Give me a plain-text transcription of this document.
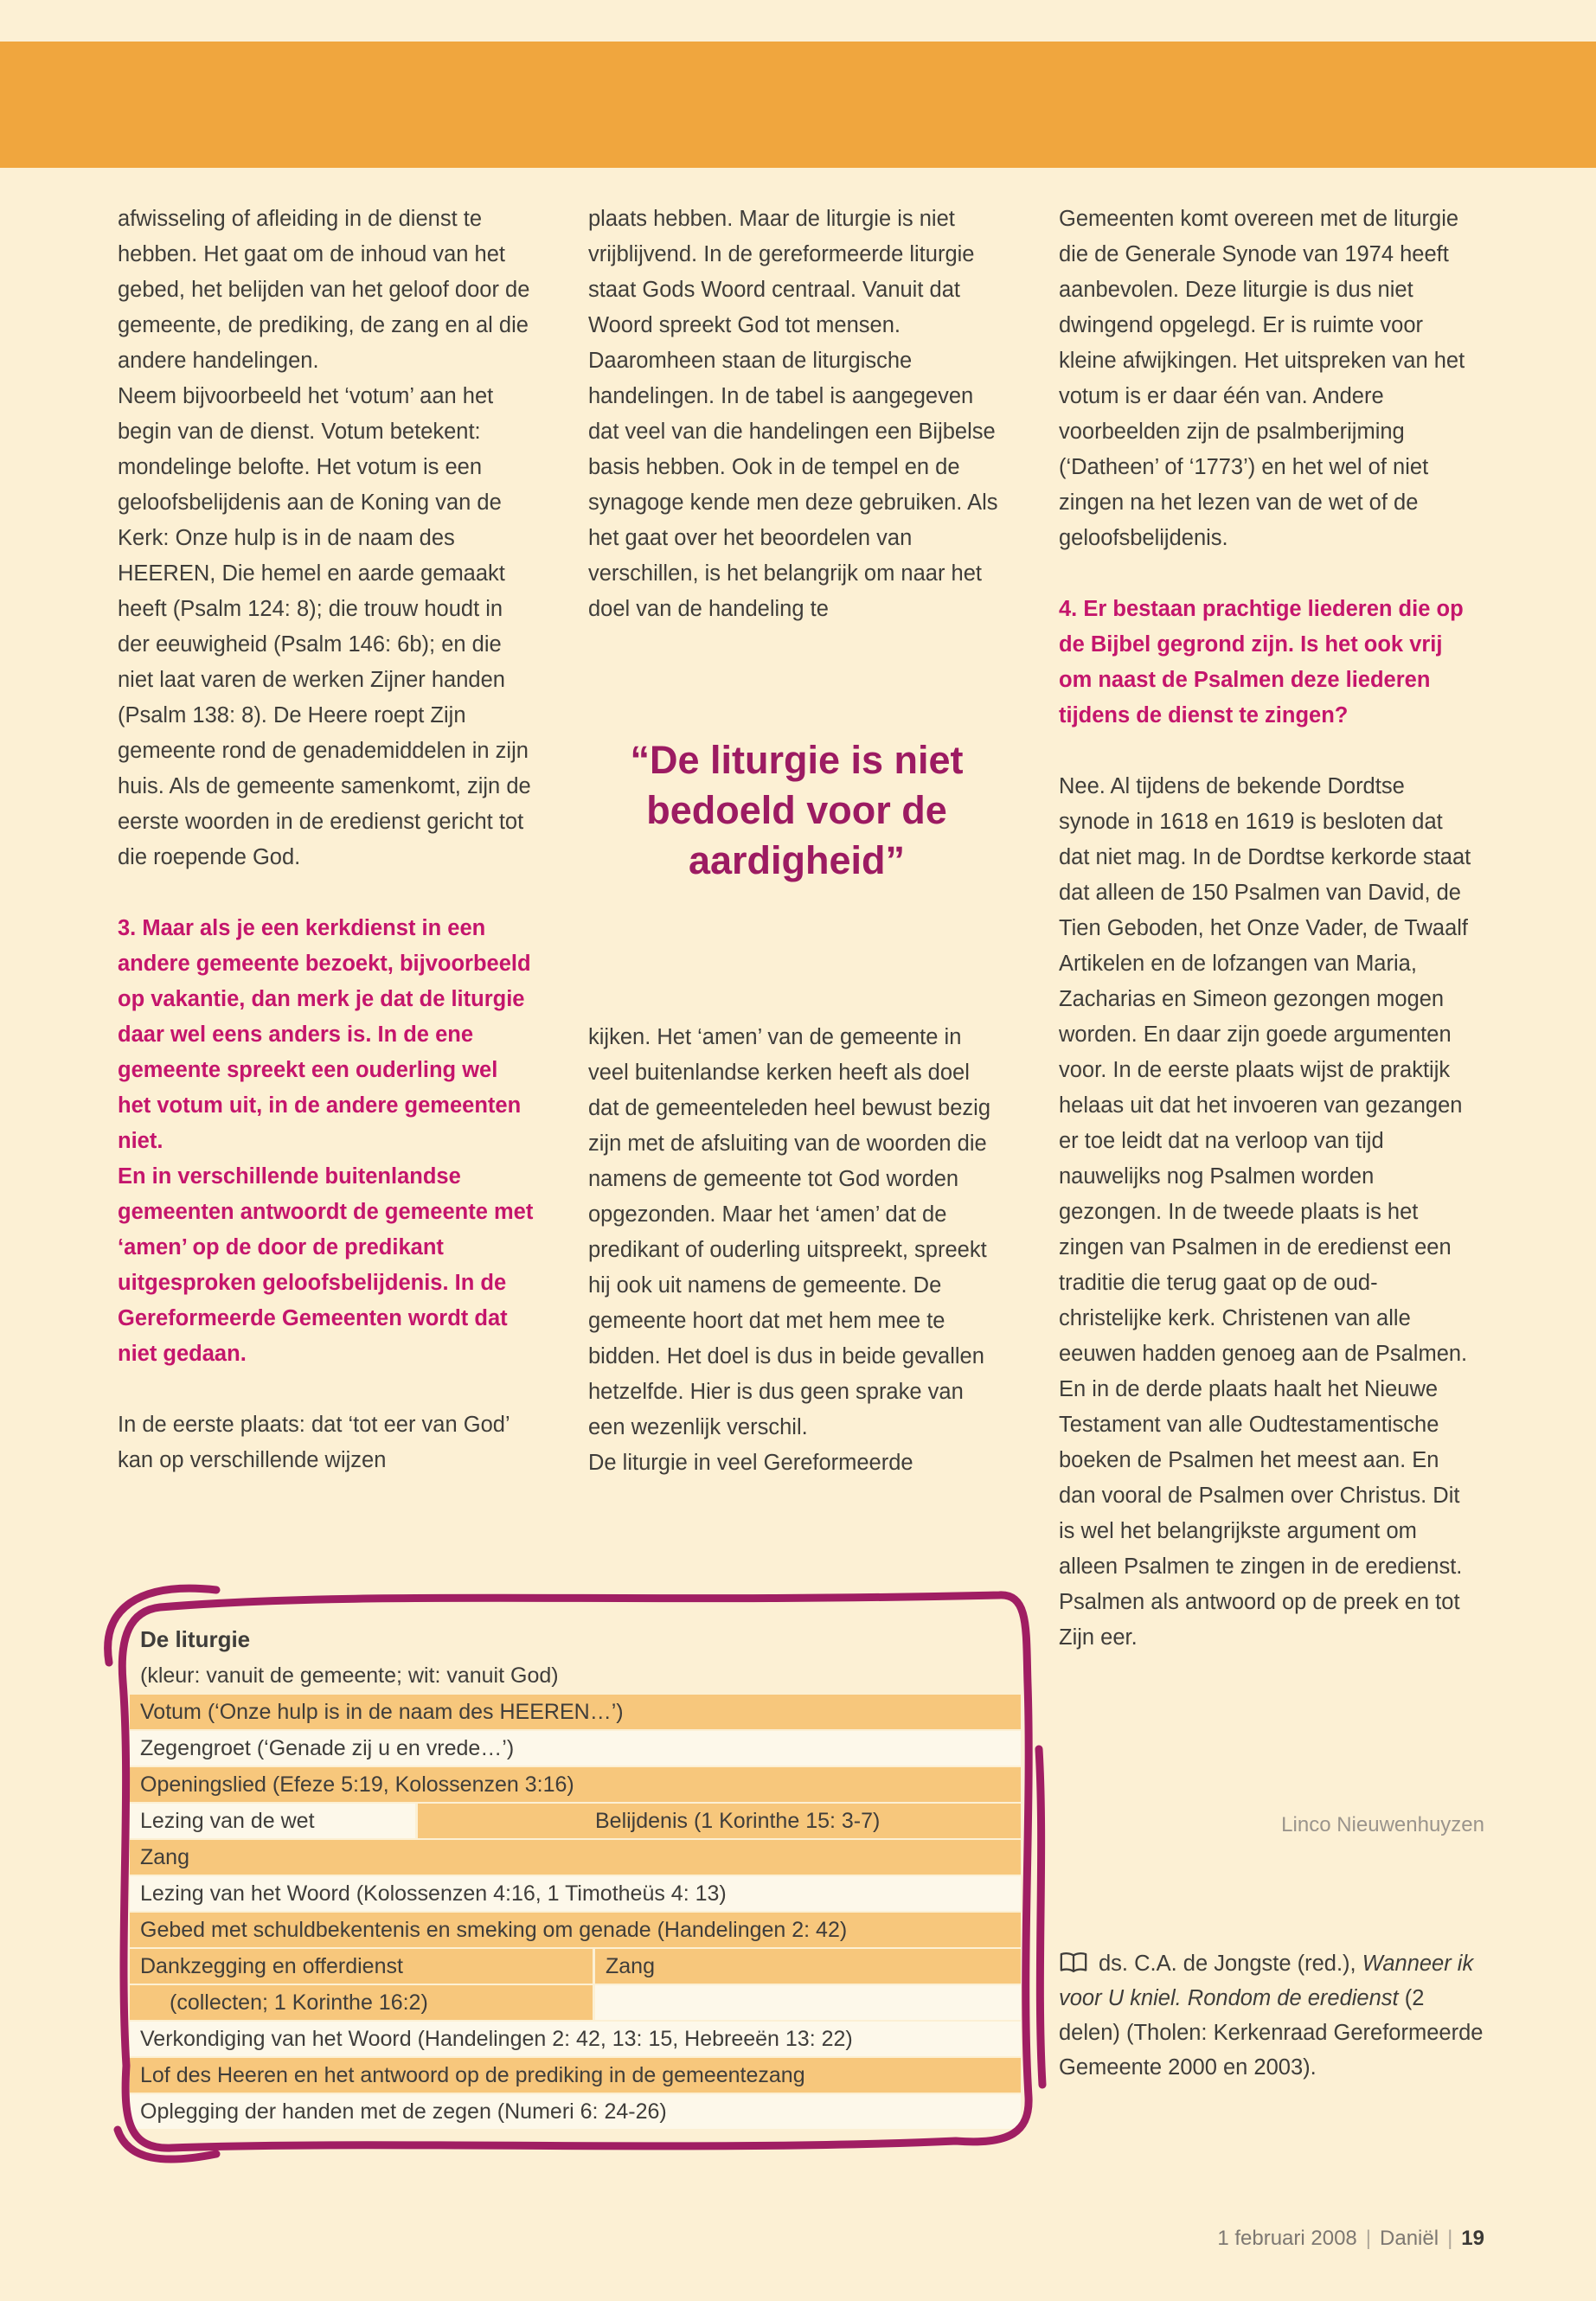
afwisseling of afleiding in de dienst te hebben. Het gaat om de inhoud van het gebed, het belijden van het geloof door de gemeente, de prediking, de zang en al die andere handelingen.

Neem bijvoorbeeld het ‘votum’ aan het begin van de dienst. Votum betekent: mondelinge belofte. Het votum is een geloofsbelijdenis aan de Koning van de Kerk: Onze hulp is in de naam des HEEREN, Die hemel en aarde gemaakt heeft (Psalm 124: 8); die trouw houdt in der eeuwigheid (Psalm 146: 6b); en die niet laat varen de werken Zijner handen (Psalm 138: 8). De Heere roept Zijn gemeente rond de genademiddelen in zijn huis. Als de gemeente samenkomt, zijn de eerste woorden in de eredienst gericht tot die roepende God.

3. Maar als je een kerkdienst in een andere gemeente bezoekt, bijvoorbeeld op vakantie, dan merk je dat de liturgie daar wel eens anders is. In de ene gemeente spreekt een ouderling wel het votum uit, in de andere gemeenten niet.

En in verschillende buitenlandse gemeenten antwoordt de gemeente met ‘amen’ op de door de predikant uitgesproken geloofsbelijdenis. In de Gereformeerde Gemeenten wordt dat niet gedaan.

In de eerste plaats: dat ‘tot eer van God’ kan op verschillende wijzen

plaats hebben. Maar de liturgie is niet vrijblijvend. In de gereformeerde liturgie staat Gods Woord centraal. Vanuit dat Woord spreekt God tot mensen. Daaromheen staan de liturgische handelingen. In de tabel is aangegeven dat veel van die handelingen een Bijbelse basis hebben. Ook in de tempel en de synagoge kende men deze gebruiken. Als het gaat over het beoordelen van verschillen, is het belangrijk om naar het doel van de handeling te

“De liturgie is niet bedoeld voor de aardigheid”

kijken. Het ‘amen’ van de gemeente in veel buitenlandse kerken heeft als doel dat de gemeenteleden heel bewust bezig zijn met de afsluiting van de woorden die namens de gemeente tot God worden opgezonden. Maar het ‘amen’ dat de predikant of ouderling uitspreekt, spreekt hij ook uit namens de gemeente. De gemeente hoort dat met hem mee te bidden. Het doel is dus in beide gevallen hetzelfde. Hier is dus geen sprake van een wezenlijk verschil.

De liturgie in veel Gereformeerde

Gemeenten komt overeen met de liturgie die de Generale Synode van 1974 heeft aanbevolen. Deze liturgie is dus niet dwingend opgelegd. Er is ruimte voor kleine afwijkingen. Het uitspreken van het votum is er daar één van. Andere voorbeelden zijn de psalmberijming (‘Datheen’ of ‘1773’) en het wel of niet zingen na het lezen van de wet of de geloofsbelijdenis.

4. Er bestaan prachtige liederen die op de Bijbel gegrond zijn. Is het ook vrij om naast de Psalmen deze liederen tijdens de dienst te zingen?

Nee. Al tijdens de bekende Dordtse synode in 1618 en 1619 is besloten dat dat niet mag. In de Dordtse kerkorde staat dat alleen de 150 Psalmen van David, de Tien Geboden, het Onze Vader, de Twaalf Artikelen en de lofzangen van Maria, Zacharias en Simeon gezongen mogen worden. En daar zijn goede argumenten voor. In de eerste plaats wijst de praktijk helaas uit dat het invoeren van gezangen er toe leidt dat na verloop van tijd nauwelijks nog Psalmen worden gezongen. In de tweede plaats is het zingen van Psalmen in de eredienst een traditie die terug gaat op de oud-christelijke kerk. Christenen van alle eeuwen hadden genoeg aan de Psalmen. En in de derde plaats haalt het Nieuwe Testament van alle Oudtestamentische boeken de Psalmen het meest aan. En dan vooral de Psalmen over Christus. Dit is wel het belangrijkste argument om alleen Psalmen te zingen in de eredienst. Psalmen als antwoord op de preek en tot Zijn eer.

De liturgie
(kleur: vanuit de gemeente; wit: vanuit God)
Votum (‘Onze hulp is in de naam des HEEREN…’)
Zegengroet (‘Genade zij u en vrede…’)
Openingslied (Efeze 5:19, Kolossenzen 3:16)
Lezing van de wet	Belijdenis (1 Korinthe 15: 3-7)
Zang
Lezing van het Woord (Kolossenzen 4:16, 1 Timotheüs 4: 13)
Gebed met schuldbekentenis en smeking om genade (Handelingen 2: 42)
Dankzegging en offerdienst	Zang
(collecten; 1 Korinthe 16:2)
Verkondiging van het Woord (Handelingen 2: 42, 13: 15, Hebreeën 13: 22)
Lof des Heeren en het antwoord op de prediking in de gemeentezang
Oplegging der handen met de zegen (Numeri 6: 24-26)
Linco Nieuwenhuyzen
ds. C.A. de Jongste (red.), Wanneer ik voor U kniel. Rondom de eredienst (2 delen) (Tholen: Kerkenraad Gereformeerde Gemeente 2000 en 2003).
1 februari 2008 | Daniël | 19
